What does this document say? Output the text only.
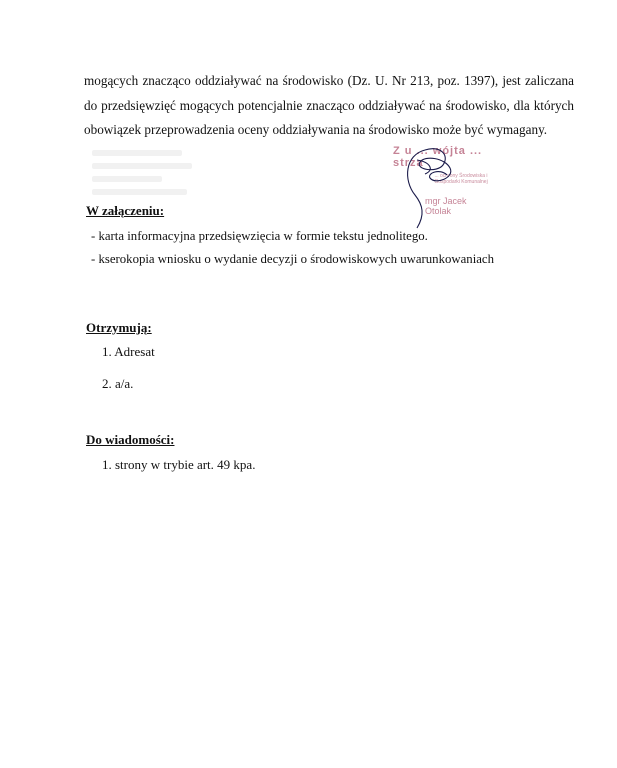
mogących znacząco oddziaływać na środowisko (Dz. U. Nr 213, poz. 1397), jest zaliczana
do przedsięwzięć mogących potencjalnie znacząco oddziaływać na środowisko, dla których
obowiązek przeprowadzenia oceny oddziaływania na środowisko może być wymagany.
Z u ... wójta ... strza
... ochrony Środowiska i Gospodarki Komunalnej
mgr Jacek Otolak
W załączeniu:
- karta informacyjna przedsięwzięcia w formie tekstu jednolitego.
- kserokopia wniosku o wydanie decyzji o środowiskowych uwarunkowaniach
Otrzymują:
1. Adresat
2. a/a.
Do wiadomości:
1. strony w trybie art. 49 kpa.
